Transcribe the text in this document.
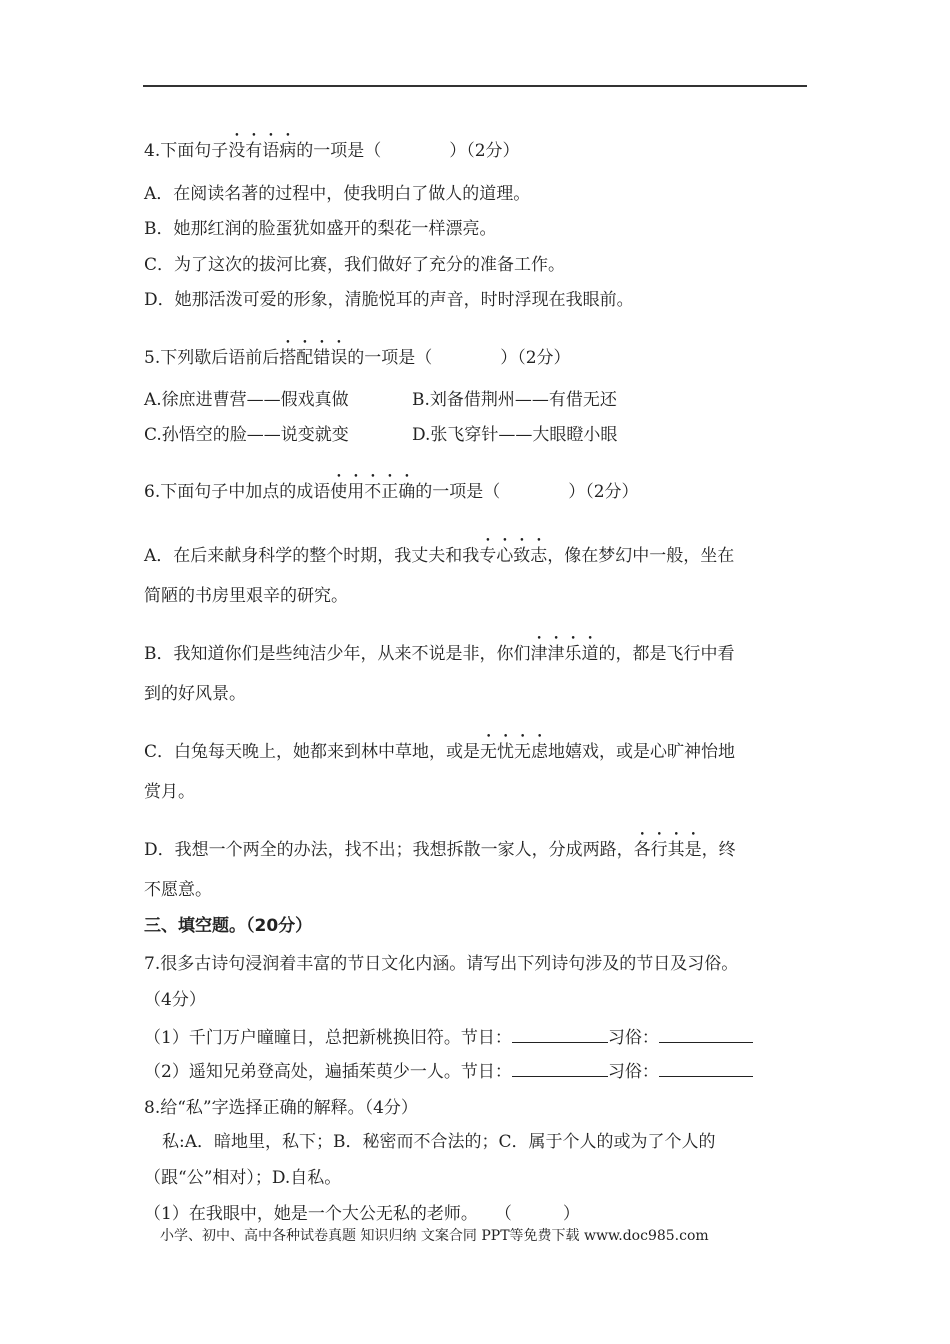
4.下面句子没有语病的一项是（　　　　）（2分）
A．在阅读名著的过程中，使我明白了做人的道理。
B．她那红润的脸蛋犹如盛开的梨花一样漂亮。
C．为了这次的拔河比赛，我们做好了充分的准备工作。
D．她那活泼可爱的形象，清脆悦耳的声音，时时浮现在我眼前。
5.下列歇后语前后搭配错误的一项是（　　　　）（2分）
A.徐庶进曹营——假戏真做	B.刘备借荆州——有借无还
C.孙悟空的脸——说变就变	D.张飞穿针——大眼瞪小眼
6.下面句子中加点的成语使用不正确的一项是（　　　　）（2分）
A．在后来献身科学的整个时期，我丈夫和我专心致志，像在梦幻中一般，坐在
简陋的书房里艰辛的研究。
B．我知道你们是些纯洁少年，从来不说是非，你们津津乐道的，都是飞行中看
到的好风景。
C．白兔每天晚上，她都来到林中草地，或是无忧无虑地嬉戏，或是心旷神怡地
赏月。
D．我想一个两全的办法，找不出；我想拆散一家人，分成两路，各行其是，终
不愿意。
三、填空题。（20分）
7.很多古诗句浸润着丰富的节日文化内涵。请写出下列诗句涉及的节日及习俗。
（4分）
（1）千门万户曈曈日，总把新桃换旧符。节日：	习俗：
（2）遥知兄弟登高处，遍插茱萸少一人。节日：	习俗：
8.给“私”字选择正确的解释。（4分）
私:A．暗地里，私下；B．秘密而不合法的；C．属于个人的或为了个人的
（跟“公”相对）；D.自私。
（1）在我眼中，她是一个大公无私的老师。　　（　　　）
小学、初中、高中各种试卷真题 知识归纳 文案合同 PPT等免费下载 www.doc985.com
